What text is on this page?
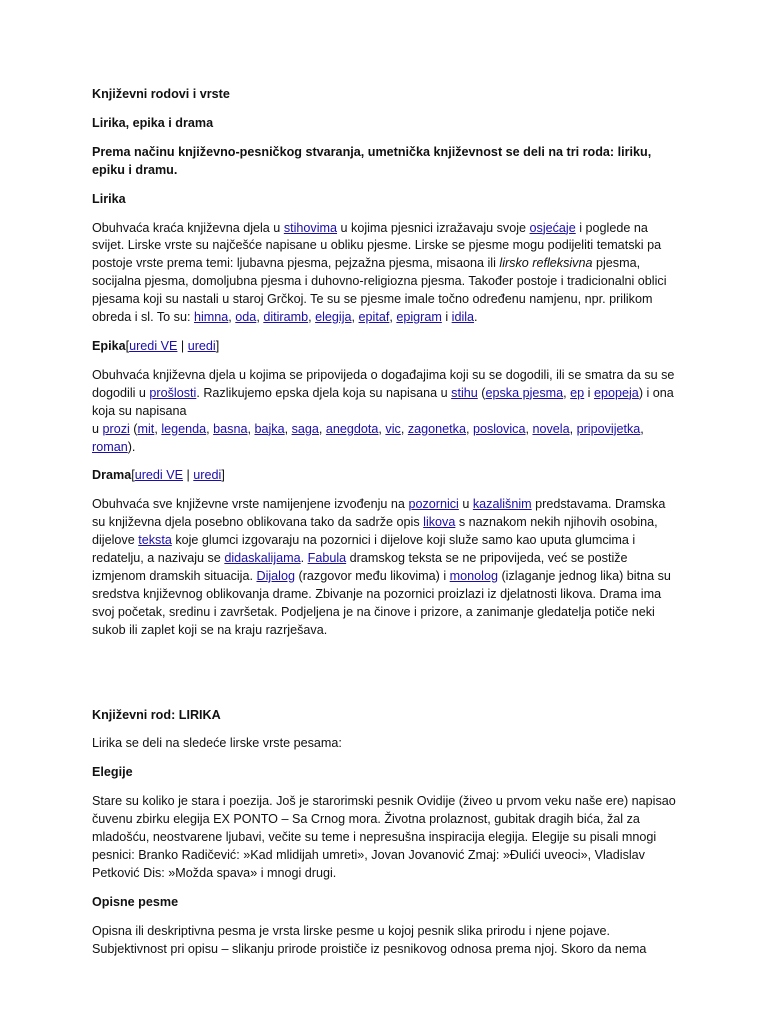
Književni rodovi i vrste

Lirika, epika i drama

Prema načinu književno-pesničkog stvaranja, umetnička književnost se deli na tri roda: liriku, epiku i dramu.

Lirika

Obuhvaća kraća književna djela u stihovima u kojima pjesnici izražavaju svoje osjećaje i poglede na svijet. Lirske vrste su najčešće napisane u obliku pjesme. Lirske se pjesme mogu podijeliti tematski pa postoje vrste prema temi: ljubavna pjesma, pejzažna pjesma, misaona ili lirsko refleksivna pjesma, socijalna pjesma, domoljubna pjesma i duhovno-religiozna pjesma. Također postoje i tradicionalni oblici pjesama koji su nastali u staroj Grčkoj. Te su se pjesme imale točno određenu namjenu, npr. prilikom obreda i sl. To su: himna, oda, ditiramb, elegija, epitaf, epigram i idila.

Epika[uredi VE | uredi]

Obuhvaća književna djela u kojima se pripovijeda o događajima koji su se dogodili, ili se smatra da su se dogodili u prošlosti. Razlikujemo epska djela koja su napisana u stihu (epska pjesma, ep i epopeja) i ona koja su napisana
u prozi (mit, legenda, basna, bajka, saga, anegdota, vic, zagonetka, poslovica, novela, pripovijetka, roman).

Drama[uredi VE | uredi]

Obuhvaća sve književne vrste namijenjene izvođenju na pozornici u kazališnim predstavama. Dramska su književna djela posebno oblikovana tako da sadrže opis likova s naznakom nekih njihovih osobina, dijelove teksta koje glumci izgovaraju na pozornici i dijelove koji služe samo kao uputa glumcima i redatelju, a nazivaju se didaskalijama. Fabula dramskog teksta se ne pripovijeda, već se postiže izmjenom dramskih situacija. Dijalog (razgovor među likovima) i monolog (izlaganje jednog lika) bitna su sredstva književnog oblikovanja drame. Zbivanje na pozornici proizlazi iz djelatnosti likova. Drama ima svoj početak, sredinu i završetak. Podjeljena je na činove i prizore, a zanimanje gledatelja potiče neki sukob ili zaplet koji se na kraju razrješava.

Književni rod: LIRIKA

Lirika se deli na sledeće lirske vrste pesama:

Elegije

Stare su koliko je stara i poezija. Još je starorimski pesnik Ovidije (živeo u prvom veku naše ere) napisao čuvenu zbirku elegija EX PONTO – Sa Crnog mora. Životna prolaznost, gubitak dragih bića, žal za mladošću, neostvarene ljubavi, večite su teme i nepresušna inspiracija elegija. Elegije su pisali mnogi pesnici: Branko Radičević: »Kad mlidijah umreti», Jovan Jovanović Zmaj: »Đulići uveoci», Vladislav Petković Dis: »Možda spava» i mnogi drugi.

Opisne pesme

Opisna ili deskriptivna pesma je vrsta lirske pesme u kojoj pesnik slika prirodu i njene pojave. Subjektivnost pri opisu – slikanju prirode proističe iz pesnikovog odnosa prema njoj. Skoro da nema
